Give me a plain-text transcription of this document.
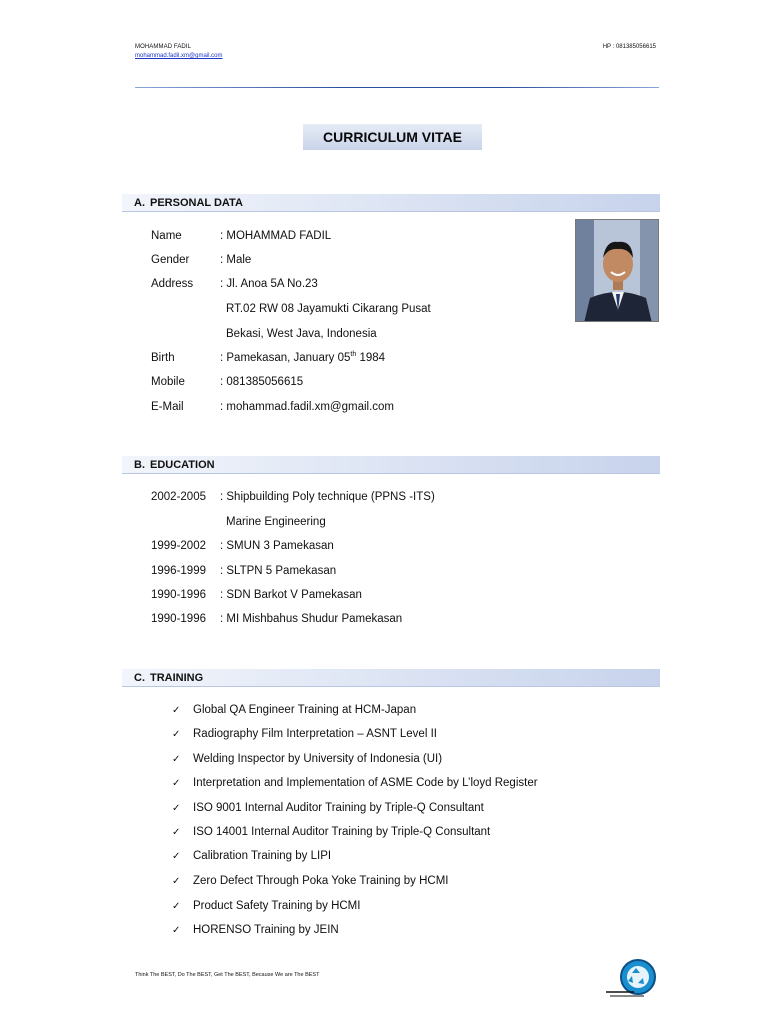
MOHAMMAD FADIL
mohammad.fadil.xm@gmail.com
HP : 081385056615
CURRICULUM VITAE
A. PERSONAL DATA
Name	: MOHAMMAD FADIL
Gender	: Male
Address : Jl. Anoa 5A No.23
RT.02 RW 08 Jayamukti Cikarang Pusat
Bekasi, West Java, Indonesia
Birth	: Pamekasan, January 05th 1984
Mobile	: 081385056615
E-Mail	: mohammad.fadil.xm@gmail.com
B. EDUCATION
2002-2005 : Shipbuilding Poly technique (PPNS -ITS)
Marine Engineering
1999-2002 : SMUN 3 Pamekasan
1996-1999 : SLTPN 5 Pamekasan
1990-1996 : SDN Barkot V Pamekasan
1990-1996 : MI Mishbahus Shudur Pamekasan
C. TRAINING
✓ Global QA Engineer Training at HCM-Japan
✓ Radiography Film Interpretation – ASNT Level II
✓ Welding Inspector by University of Indonesia (UI)
✓ Interpretation and Implementation of ASME Code by L’loyd Register
✓ ISO 9001 Internal Auditor Training by Triple-Q Consultant
✓ ISO 14001 Internal Auditor Training by Triple-Q Consultant
✓ Calibration Training by LIPI
✓ Zero Defect Through Poka Yoke Training by HCMI
✓ Product Safety Training by HCMI
✓ HORENSO Training by JEIN
Think The BEST, Do The BEST, Get The BEST, Because We are The BEST
